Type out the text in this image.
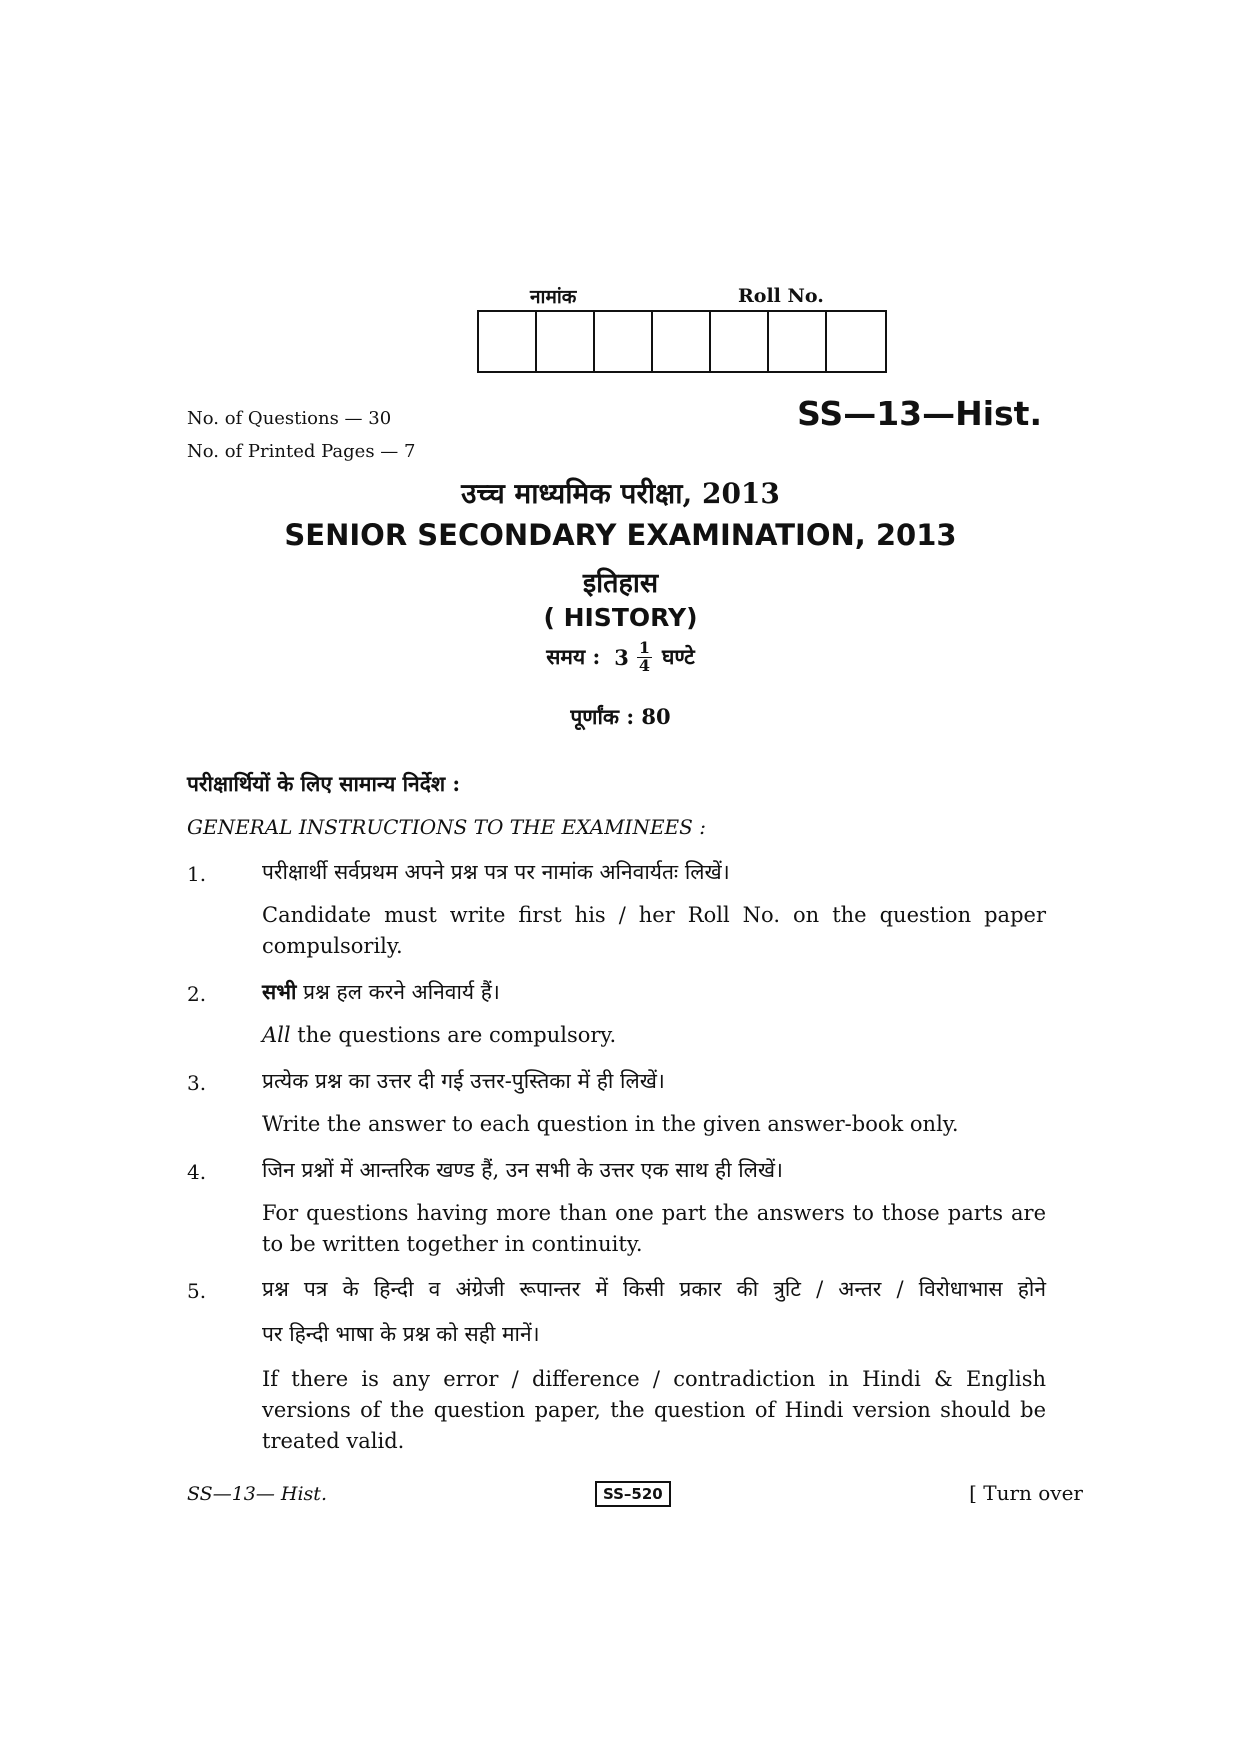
नामांक	Roll No.
No. of Questions — 30
No. of Printed Pages — 7
SS—13—Hist.
उच्च माध्यमिक परीक्षा, 2013
SENIOR SECONDARY EXAMINATION, 2013
इतिहास
( HISTORY)
समय : $3 \frac{1}{4}$ घण्टे
पूर्णांक : 80
परीक्षार्थियों के लिए सामान्य निर्देश :
GENERAL INSTRUCTIONS TO THE EXAMINEES :
1.	परीक्षार्थी सर्वप्रथम अपने प्रश्न पत्र पर नामांक अनिवार्यतः लिखें।
Candidate must write first his / her Roll No. on the question paper compulsorily.
2.	सभी प्रश्न हल करने अनिवार्य हैं।
All the questions are compulsory.
3.	प्रत्येक प्रश्न का उत्तर दी गई उत्तर-पुस्तिका में ही लिखें।
Write the answer to each question in the given answer-book only.
4.	जिन प्रश्नों में आन्तरिक खण्ड हैं, उन सभी के उत्तर एक साथ ही लिखें।
For questions having more than one part the answers to those parts are to be written together in continuity.
5.	प्रश्न पत्र के हिन्दी व अंग्रेजी रूपान्तर में किसी प्रकार की त्रुटि / अन्तर / विरोधाभास होने
पर हिन्दी भाषा के प्रश्न को सही मानें।
If there is any error / difference / contradiction in Hindi & English versions of the question paper, the question of Hindi version should be treated valid.
SS—13— Hist.	SS–520	[ Turn over
